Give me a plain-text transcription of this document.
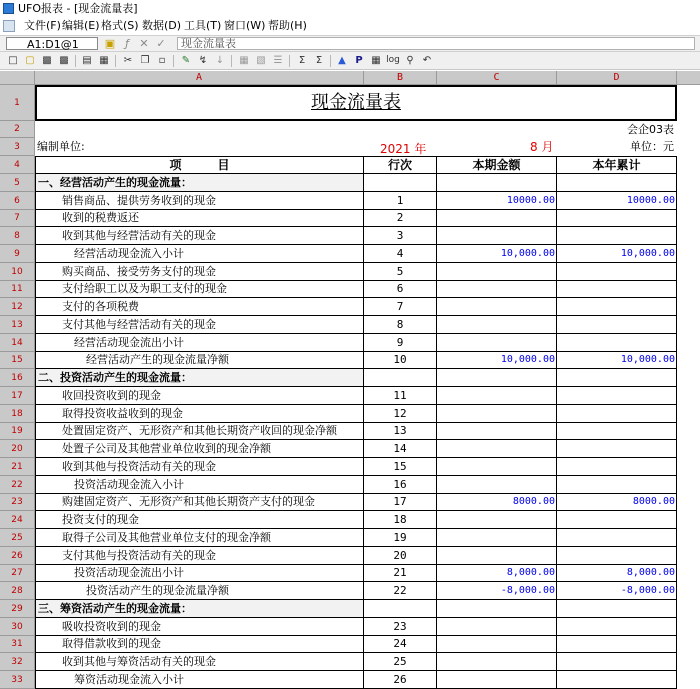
UFO报表 - [现金流量表]
文件(F) 编辑(E) 格式(S) 数据(D) 工具(T) 窗口(W) 帮助(H)
A1:D1@1	▣ ƒ ✕ ✓	现金流量表
□ ▢ ▩ ▩ ▤ ▦ ✂ ❐ ▫	✎ ↯ ↓ ▦ ▧ ☰	Σ	Σ	▲ P ▦ log ⚲ ↶
A	B	C	D
1
2
3
4
现金流量表
会企03表
编制单位:	2021 年	8 月	单位：元
项　　　目	行次	本期金额	本年累计
5	一、经营活动产生的现金流量：
6	销售商品、提供劳务收到的现金	1	10000.00	10000.00
7	收到的税费返还	2
8	收到其他与经营活动有关的现金	3
9	经营活动现金流入小计	4	10,000.00	10,000.00
10	购买商品、接受劳务支付的现金	5
11	支付给职工以及为职工支付的现金	6
12	支付的各项税费	7
13	支付其他与经营活动有关的现金	8
14	经营活动现金流出小计	9
15	经营活动产生的现金流量净额	10	10,000.00	10,000.00
16	二、投资活动产生的现金流量：
17	收回投资收到的现金	11
18	取得投资收益收到的现金	12
19	处置固定资产、无形资产和其他长期资产收回的现金净额	13
20	处置子公司及其他营业单位收到的现金净额	14
21	收到其他与投资活动有关的现金	15
22	投资活动现金流入小计	16
23	购建固定资产、无形资产和其他长期资产支付的现金	17	8000.00	8000.00
24	投资支付的现金	18
25	取得子公司及其他营业单位支付的现金净额	19
26	支付其他与投资活动有关的现金	20
27	投资活动现金流出小计	21	8,000.00	8,000.00
28	投资活动产生的现金流量净额	22	-8,000.00	-8,000.00
29	三、筹资活动产生的现金流量：
30	吸收投资收到的现金	23
31	取得借款收到的现金	24
32	收到其他与筹资活动有关的现金	25
33	筹资活动现金流入小计	26
